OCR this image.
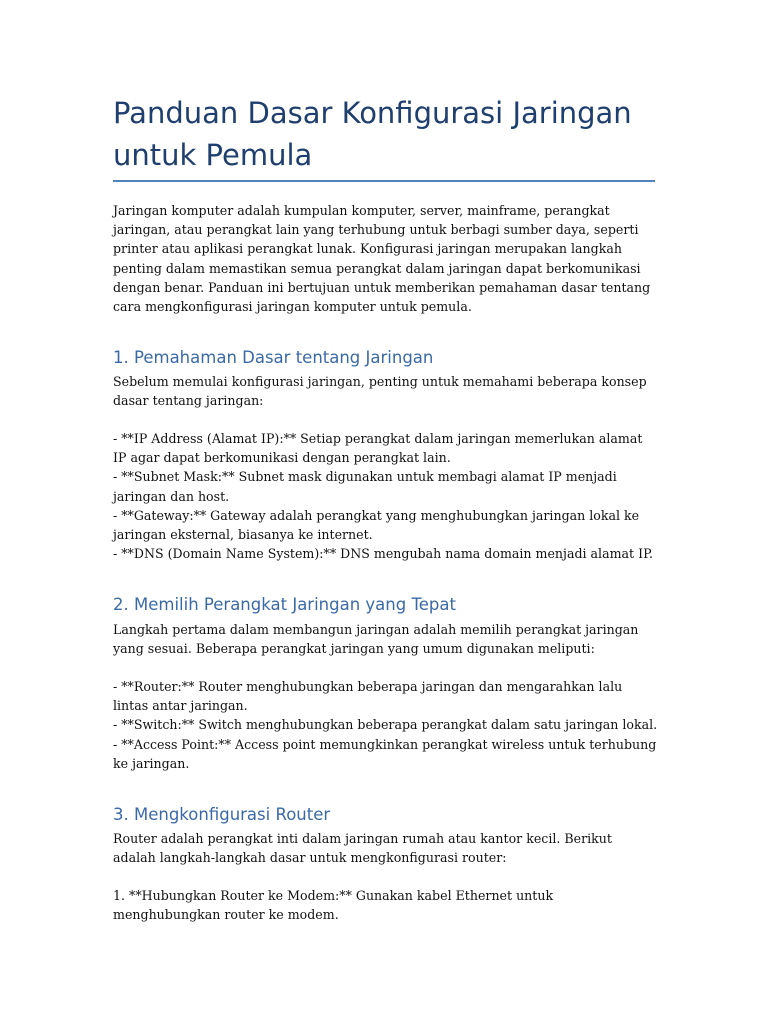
Panduan Dasar Konfigurasi Jaringan untuk Pemula

Jaringan komputer adalah kumpulan komputer, server, mainframe, perangkat jaringan, atau perangkat lain yang terhubung untuk berbagi sumber daya, seperti printer atau aplikasi perangkat lunak. Konfigurasi jaringan merupakan langkah penting dalam memastikan semua perangkat dalam jaringan dapat berkomunikasi dengan benar. Panduan ini bertujuan untuk memberikan pemahaman dasar tentang cara mengkonfigurasi jaringan komputer untuk pemula.

1. Pemahaman Dasar tentang Jaringan

Sebelum memulai konfigurasi jaringan, penting untuk memahami beberapa konsep dasar tentang jaringan:

- **IP Address (Alamat IP):** Setiap perangkat dalam jaringan memerlukan alamat IP agar dapat berkomunikasi dengan perangkat lain.
- **Subnet Mask:** Subnet mask digunakan untuk membagi alamat IP menjadi jaringan dan host.
- **Gateway:** Gateway adalah perangkat yang menghubungkan jaringan lokal ke jaringan eksternal, biasanya ke internet.
- **DNS (Domain Name System):** DNS mengubah nama domain menjadi alamat IP.
2. Memilih Perangkat Jaringan yang Tepat

Langkah pertama dalam membangun jaringan adalah memilih perangkat jaringan yang sesuai. Beberapa perangkat jaringan yang umum digunakan meliputi:

- **Router:** Router menghubungkan beberapa jaringan dan mengarahkan lalu lintas antar jaringan.
- **Switch:** Switch menghubungkan beberapa perangkat dalam satu jaringan lokal.
- **Access Point:** Access point memungkinkan perangkat wireless untuk terhubung ke jaringan.
3. Mengkonfigurasi Router

Router adalah perangkat inti dalam jaringan rumah atau kantor kecil. Berikut adalah langkah-langkah dasar untuk mengkonfigurasi router:

1. **Hubungkan Router ke Modem:** Gunakan kabel Ethernet untuk menghubungkan router ke modem.
